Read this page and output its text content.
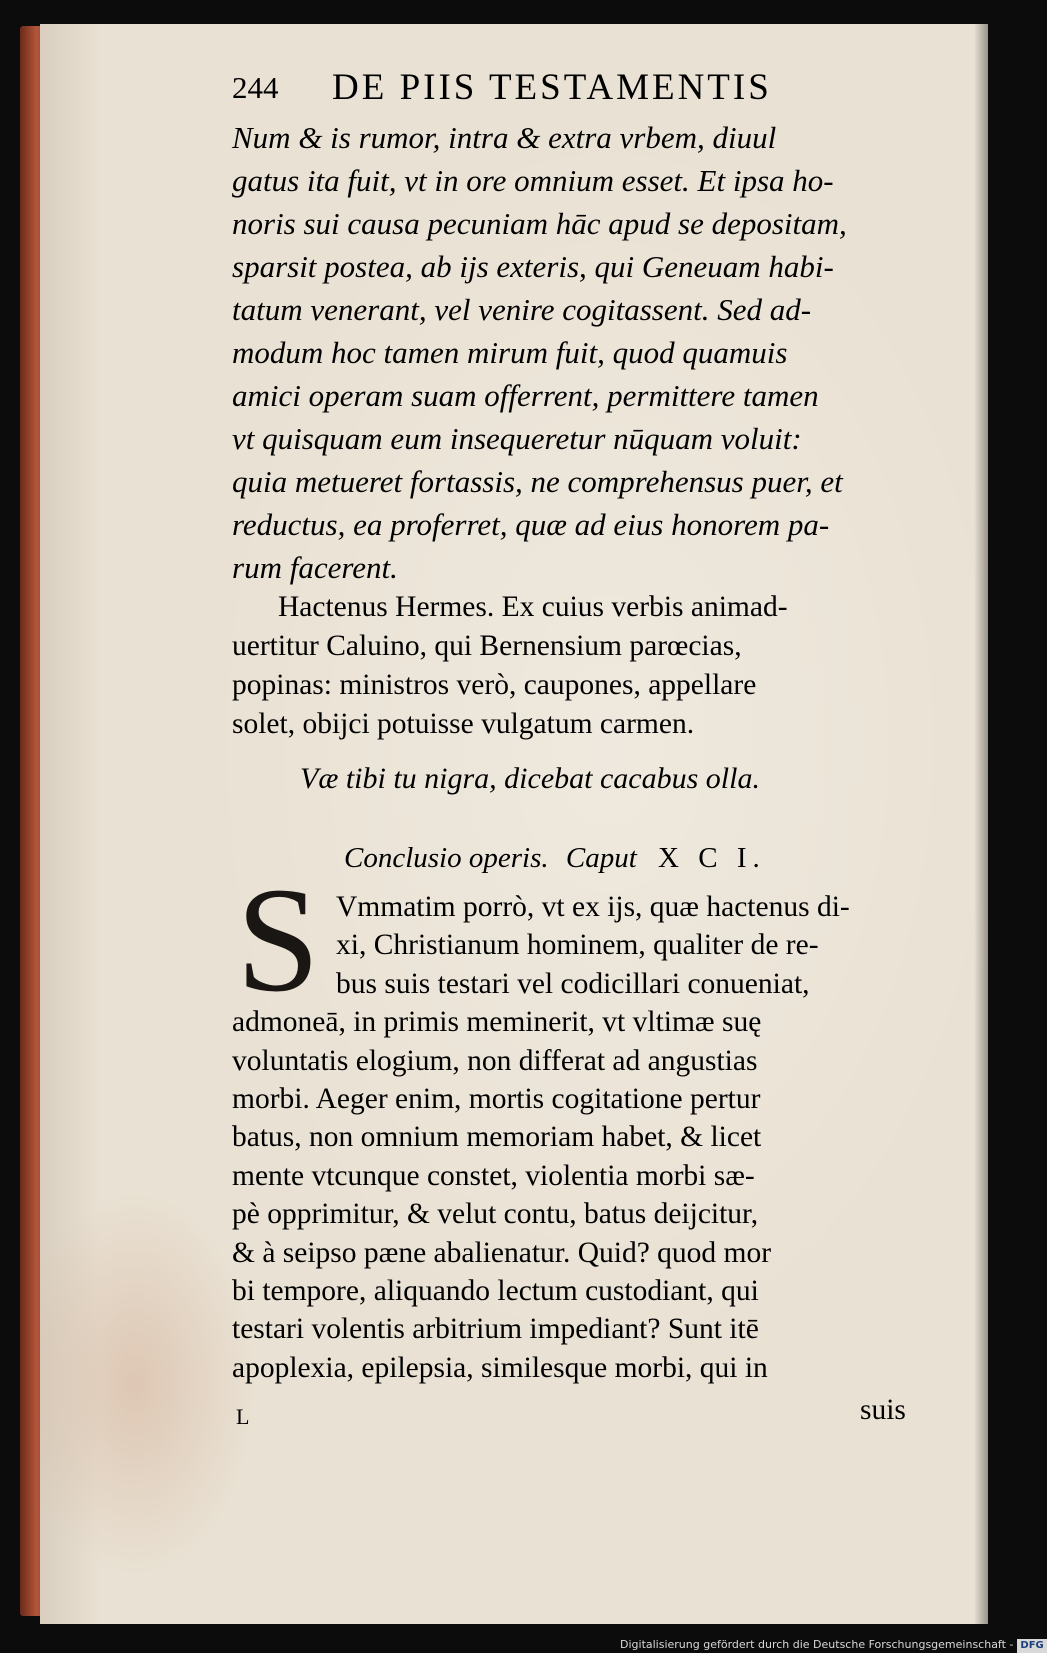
244 DE PIIS TESTAMENTIS
Num & is rumor, intra & extra vrbem, diuul
gatus ita fuit, vt in ore omnium esset. Et ipsa ho-
noris sui causa pecuniam hāc apud se depositam,
sparsit postea, ab ijs exteris, qui Geneuam habi-
tatum venerant, vel venire cogitassent. Sed ad-
modum hoc tamen mirum fuit, quod quamuis
amici operam suam offerrent, permittere tamen
vt quisquam eum insequeretur nūquam voluit:
quia metueret fortassis, ne comprehensus puer, et
reductus, ea proferret, quæ ad eius honorem pa-
rum facerent.
Hactenus Hermes. Ex cuius verbis animad-
uertitur Caluino, qui Bernensium parœcias,
popinas: ministros verò, caupones, appellare
solet, obijci potuisse vulgatum carmen.
Væ tibi tu nigra, dicebat cacabus olla.
Conclusio operis. Caput X C I.
S Vmmatim porrò, vt ex ijs, quæ hactenus di-
xi, Christianum hominem, qualiter de re-
bus suis testari vel codicillari conueniat,
admoneā, in primis meminerit, vt vltimæ suę
voluntatis elogium, non differat ad angustias
morbi. Aeger enim, mortis cogitatione pertur
batus, non omnium memoriam habet, & licet
mente vtcunque constet, violentia morbi sæ-
pè opprimitur, & velut contu, batus deijcitur,
& à seipso pæne abalienatur. Quid? quod mor
bi tempore, aliquando lectum custodiant, qui
testari volentis arbitrium impediant? Sunt itē
apoplexia, epilepsia, similesque morbi, qui in
L	suis
Digitalisierung gefördert durch die Deutsche Forschungsgemeinschaft - DFG
